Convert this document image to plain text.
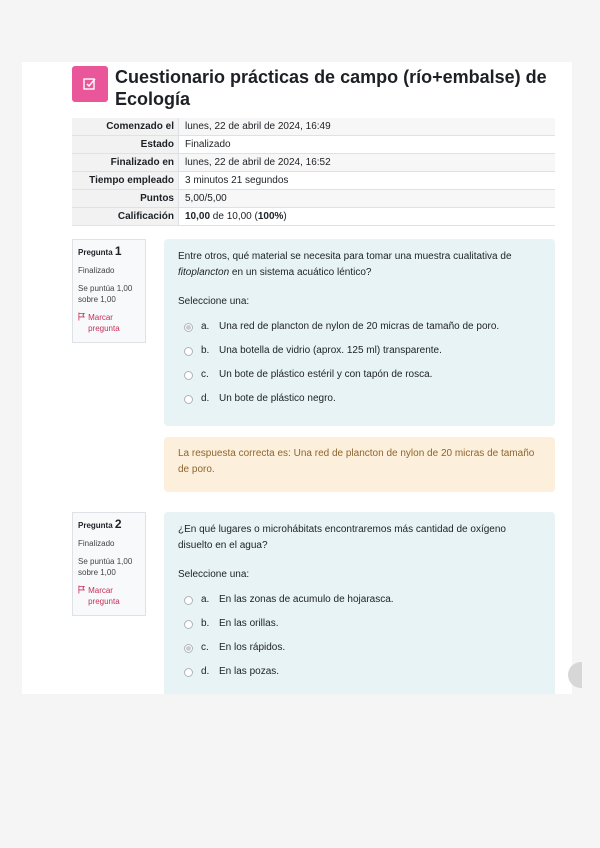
Cuestionario prácticas de campo (río+embalse) de Ecología
Comenzado el	lunes, 22 de abril de 2024, 16:49
Estado	Finalizado
Finalizado en	lunes, 22 de abril de 2024, 16:52
Tiempo empleado	3 minutos 21 segundos
Puntos	5,00/5,00
Calificación	10,00 de 10,00 (100%)
Pregunta 1
Finalizado
Se puntúa 1,00 sobre 1,00
Marcar pregunta

Entre otros, qué material se necesita para tomar una muestra cualitativa de fitoplancton en un sistema acuático léntico?

Seleccione una:
a. Una red de plancton de nylon de 20 micras de tamaño de poro.
b. Una botella de vidrio (aprox. 125 ml) transparente.
c.	Un bote de plástico estéril y con tapón de rosca.
d. Un bote de plástico negro.
La respuesta correcta es: Una red de plancton de nylon de 20 micras de tamaño de poro.
Pregunta 2
Finalizado
Se puntúa 1,00 sobre 1,00
Marcar pregunta

¿En qué lugares o microhábitats encontraremos más cantidad de oxígeno disuelto en el agua?

Seleccione una:
a. En las zonas de acumulo de hojarasca.
b. En las orillas.
c.	En los rápidos.
d. En las pozas.
